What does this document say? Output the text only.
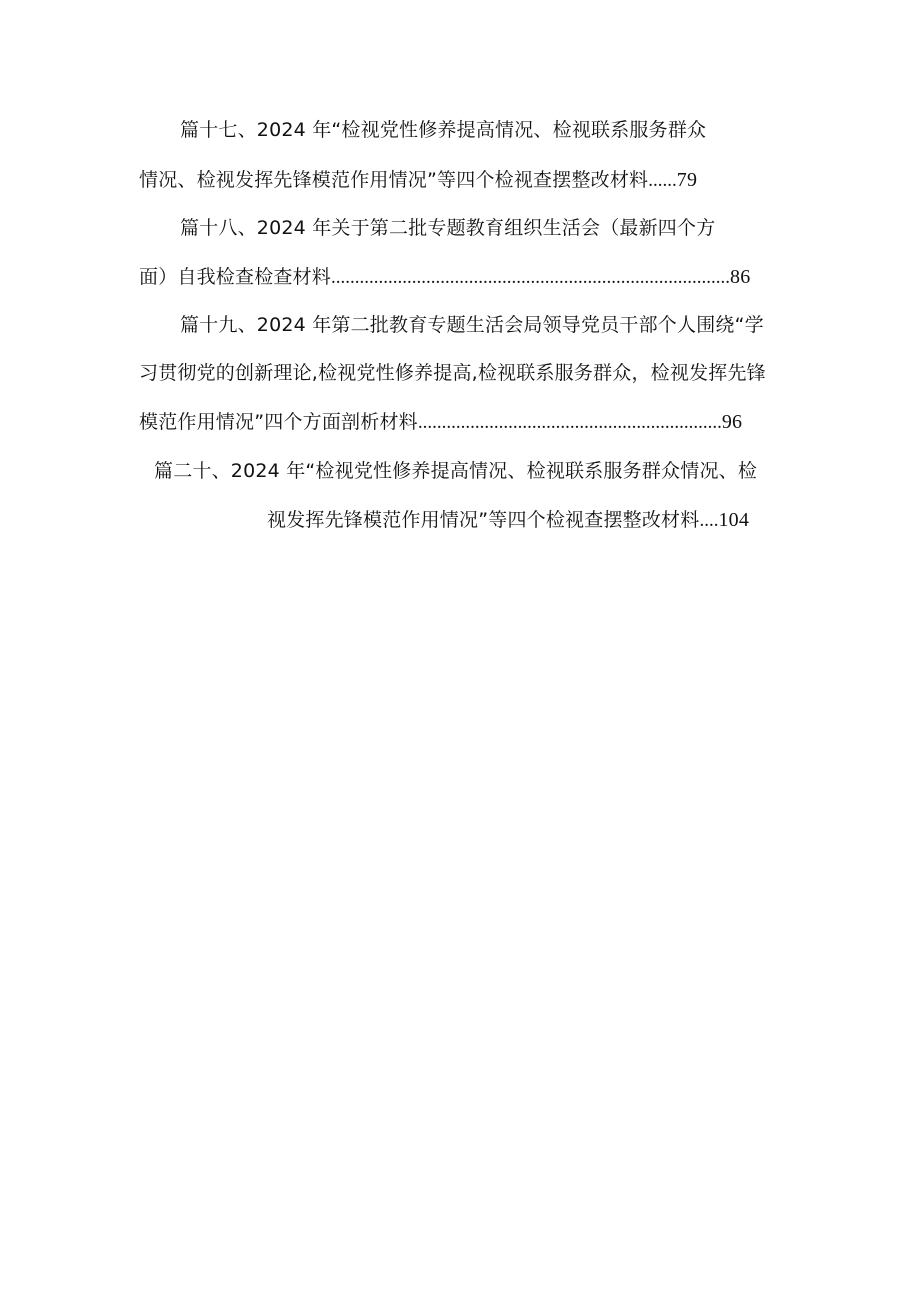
篇十七、2024 年“检视党性修养提高情况、检视联系服务群众
情况、检视发挥先锋模范作用情况”等四个检视查摆整改材料......79
篇十八、2024 年关于第二批专题教育组织生活会（最新四个方
面）自我检查检查材料....................................................................................86
篇十九、2024 年第二批教育专题生活会局领导党员干部个人围绕“学
习贯彻党的创新理论,检视党性修养提高,检视联系服务群众，检视发挥先锋
模范作用情况”四个方面剖析材料................................................................96
篇二十、2024 年“检视党性修养提高情况、检视联系服务群众情况、检
视发挥先锋模范作用情况”等四个检视查摆整改材料....104
